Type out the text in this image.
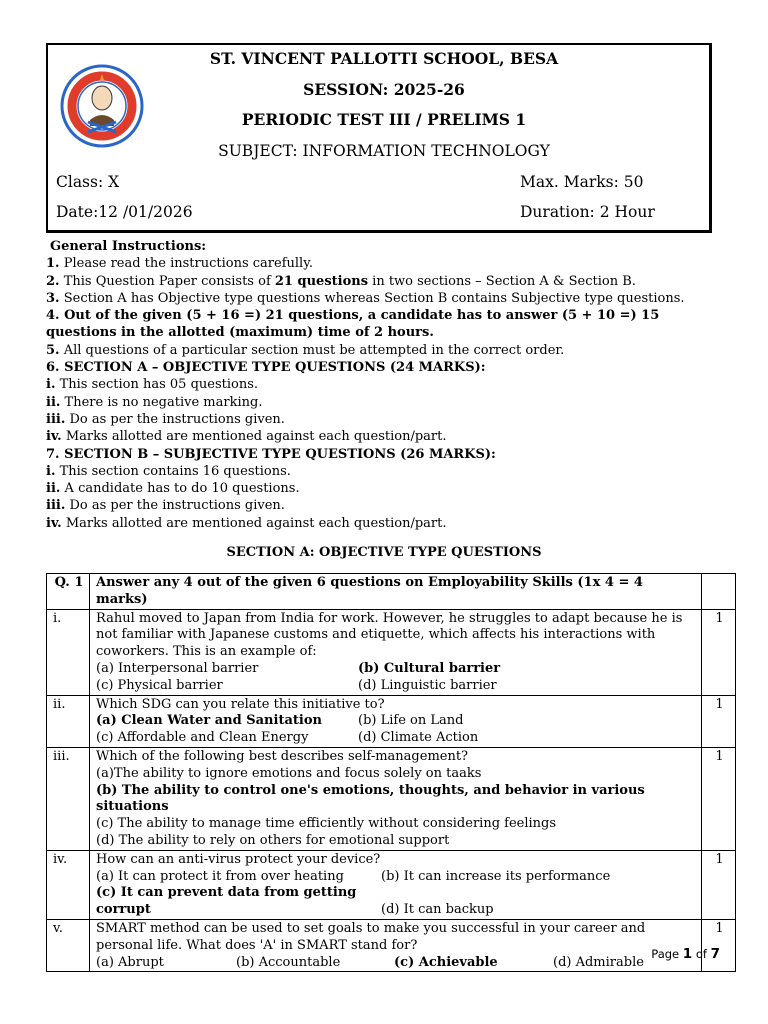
ST. VINCENT PALLOTTI SCHOOL, BESA
SESSION: 2025-26
PERIODIC TEST III / PRELIMS 1
SUBJECT: INFORMATION TECHNOLOGY
Class: X	Max. Marks: 50
Date:12 /01/2026	Duration: 2 Hour
General Instructions:
1. Please read the instructions carefully.
2. This Question Paper consists of 21 questions in two sections – Section A & Section B.
3. Section A has Objective type questions whereas Section B contains Subjective type questions.
4. Out of the given (5 + 16 =) 21 questions, a candidate has to answer (5 + 10 =) 15 questions in the allotted (maximum) time of 2 hours.
5. All questions of a particular section must be attempted in the correct order.
6. SECTION A – OBJECTIVE TYPE QUESTIONS (24 MARKS):
i. This section has 05 questions.
ii. There is no negative marking.
iii. Do as per the instructions given.
iv. Marks allotted are mentioned against each question/part.
7. SECTION B – SUBJECTIVE TYPE QUESTIONS (26 MARKS):
i. This section contains 16 questions.
ii. A candidate has to do 10 questions.
iii. Do as per the instructions given.
iv. Marks allotted are mentioned against each question/part.
SECTION A: OBJECTIVE TYPE QUESTIONS
Q. 1	Answer any 4 out of the given 6 questions on Employability Skills (1x 4 = 4 marks)	
i.	Rahul moved to Japan from India for work. However, he struggles to adapt because he is not familiar with Japanese customs and etiquette, which affects his interactions with coworkers. This is an example of:
(a) Interpersonal barrier (b) Cultural barrier
(c) Physical barrier (d) Linguistic barrier	1
ii.	Which SDG can you relate this initiative to?
(a) Clean Water and Sanitation (b) Life on Land
(c) Affordable and Clean Energy (d) Climate Action	1
iii.	Which of the following best describes self-management?
(a)The ability to ignore emotions and focus solely on taaks
(b) The ability to control one's emotions, thoughts, and behavior in various situations
(c) The ability to manage time efficiently without considering feelings
(d) The ability to rely on others for emotional support	1
iv.	How can an anti-virus protect your device?
(a) It can protect it from over heating (b) It can increase its performance
(c) It can prevent data from getting corrupt (d) It can backup	1
v.	SMART method can be used to set goals to make you successful in your career and personal life. What does 'A' in SMART stand for?
(a) Abrupt (b) Accountable (c) Achievable (d) Admirable	1
Page 1 of 7
